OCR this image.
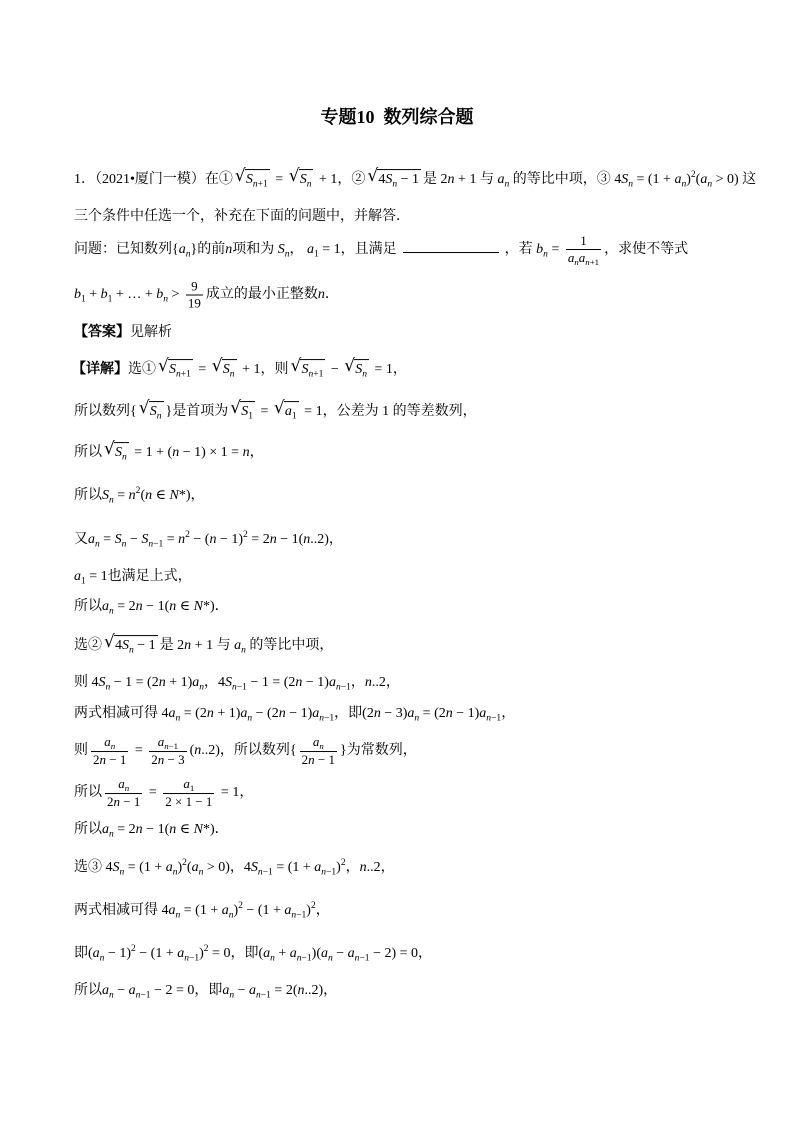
专题10  数列综合题
1．（2021•厦门一模）在① √ $S_{n+1}$ = √ $S_n + 1$，② √ $4S_n - 1$ 是 2n + 1 与 $a_n$ 的等比中项，③ $4S_n = (1 + a_n)^2(a_n > 0)$ 这
三个条件中任选一个，补充在下面的问题中，并解答．
问题：已知数列$\{a_n\}$的前n项和为 $S_n$， $a_1 = 1$，且满足	，若 $b_n = \frac{1}{a_na_{n+1}}$ ，求使不等式
$b_1 + b_1$ + … + $b_n > \frac{9}{19}$ 成立的最小正整数n．
【答案】见解析
【详解】选① √ $S_{n+1}$ = √ $S_n + 1$，则 √ $S_{n+1}$ − √ $S_n = 1$，
所以数列{ √ $S_n$ }是首项为 √ $S_1$ = √ $a_1 = 1$，公差为 1 的等差数列，
所以 √ $S_n = 1 + (n - 1) \times 1 = n$，
所以$S_n = n^2(n$ ∈ N*)，
又$a_n = S_n - S_{n-1} = n^2 - (n - 1)^2 = 2n - 1(n..2)$，
$a_1 = 1$也满足上式，
所以$a_n = 2n - 1(n$ ∈ N*)．
选② √ $4S_n - 1$ 是 2n + 1 与 $a_n$ 的等比中项，
则 $4S_n - 1 = (2n + 1)a_n$，$4S_{n-1} - 1 = (2n - 1)a_{n-1}$，n..2，
两式相减可得 $4a_n = (2n + 1)a_n - (2n - 1)a_{n-1}$，即$(2n - 3)a_n = (2n - 1)a_{n-1}$，
则 $\frac{a_n}{2n - 1} = \frac{a_{n-1}}{2n - 3} (n..2)$，所以数列{ $\frac{a_n}{2n - 1}$ }为常数列，
所以 $\frac{a_n}{2n - 1} = \frac{a_1}{2 \times 1 - 1} = 1$，
所以$a_n = 2n - 1(n$ ∈ N*)．
选③ $4S_n = (1 + a_n)^2(a_n > 0)$，$4S_{n-1} = (1 + a_{n-1})^2$，n..2，
两式相减可得 $4a_n = (1 + a_n)^2 - (1 + a_{n-1})^2$，
即$(a_n - 1)^2 - (1 + a_{n-1})^2 = 0$，即$(a_n + a_{n-1})(a_n - a_{n-1} - 2) = 0$，
所以$a_n - a_{n-1} - 2 = 0$，即$a_n - a_{n-1} = 2(n..2)$，
